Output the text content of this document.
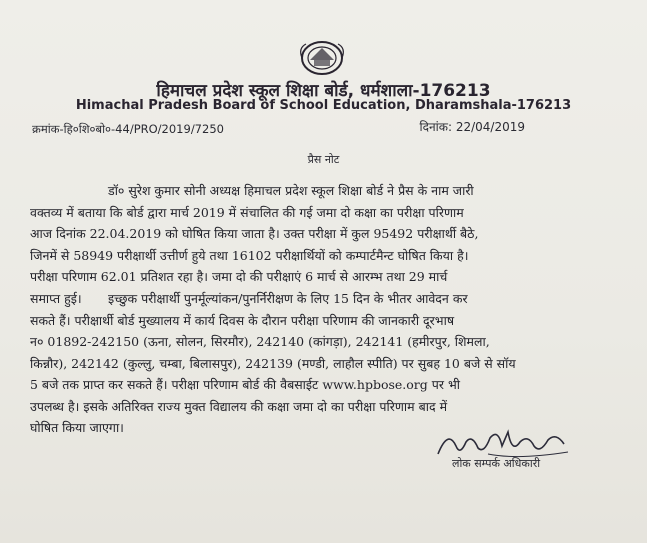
हिमाचल प्रदेश स्कूल शिक्षा बोर्ड, धर्मशाला-176213
Himachal Pradesh Board of School Education, Dharamshala-176213
क्रमांक-हि०शि०बो०-44/PRO/2019/7250	दिनांक: 22/04/2019
प्रैस नोट
डॉ० सुरेश कुमार सोनी अध्यक्ष हिमाचल प्रदेश स्कूल शिक्षा बोर्ड ने प्रैस के नाम जारी
वक्तव्य में बताया कि बोर्ड द्वारा मार्च 2019 में संचालित की गई जमा दो कक्षा का परीक्षा परिणाम
आज दिनांक 22.04.2019 को घोषित किया जाता है। उक्त परीक्षा में कुल 95492 परीक्षार्थी बैठे,
जिनमें से 58949 परीक्षार्थी उत्तीर्ण हुये तथा 16102 परीक्षार्थियों को कम्पार्टमैन्ट घोषित किया है।
परीक्षा परिणाम 62.01 प्रतिशत रहा है। जमा दो की परीक्षाएं 6 मार्च से आरम्भ तथा 29 मार्च
समाप्त हुई।	इच्छुक परीक्षार्थी पुनर्मूल्यांकन/पुनर्निरीक्षण के लिए 15 दिन के भीतर आवेदन कर
सकते हैं। परीक्षार्थी बोर्ड मुख्यालय में कार्य दिवस के दौरान परीक्षा परिणाम की जानकारी दूरभाष
न० 01892-242150 (ऊना, सोलन, सिरमौर), 242140 (कांगड़ा), 242141 (हमीरपुर, शिमला,
किन्नौर), 242142 (कुल्लु, चम्बा, बिलासपुर), 242139 (मण्डी, लाहौल स्पीति) पर सुबह 10 बजे से सॉय
5 बजे तक प्राप्त कर सकते हैं। परीक्षा परिणाम बोर्ड की वैबसाईट www.hpbose.org पर भी
उपलब्ध है। इसके अतिरिक्त राज्य मुक्त विद्यालय की कक्षा जमा दो का परीक्षा परिणाम बाद में
घोषित किया जाएगा।
लोक सम्पर्क अधिकारी
